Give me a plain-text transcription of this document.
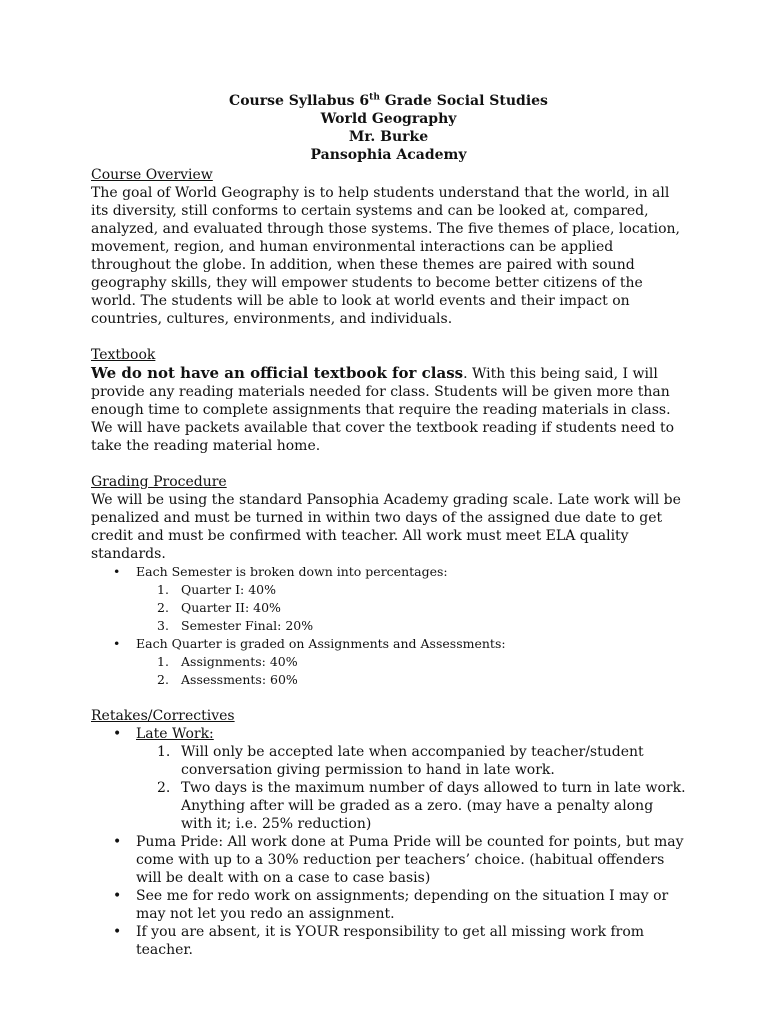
Course Syllabus 6th Grade Social Studies
World Geography
Mr. Burke
Pansophia Academy
Course Overview

The goal of World Geography is to help students understand that the world, in all its diversity, still conforms to certain systems and can be looked at, compared, analyzed, and evaluated through those systems. The five themes of place, location, movement, region, and human environmental interactions can be applied throughout the globe. In addition, when these themes are paired with sound geography skills, they will empower students to become better citizens of the world. The students will be able to look at world events and their impact on countries, cultures, environments, and individuals.

Textbook

We do not have an official textbook for class. With this being said, I will provide any reading materials needed for class. Students will be given more than enough time to complete assignments that require the reading materials in class. We will have packets available that cover the textbook reading if students need to take the reading material home.

Grading Procedure

We will be using the standard Pansophia Academy grading scale. Late work will be penalized and must be turned in within two days of the assigned due date to get credit and must be confirmed with teacher. All work must meet ELA quality standards.

• Each Semester is broken down into percentages:
1. Quarter I: 40%
2. Quarter II: 40%
3. Semester Final: 20%
• Each Quarter is graded on Assignments and Assessments:
1. Assignments: 40%
2. Assessments: 60%
Retakes/Correctives
• Late Work:
1. Will only be accepted late when accompanied by teacher/student conversation giving permission to hand in late work.
2. Two days is the maximum number of days allowed to turn in late work. Anything after will be graded as a zero. (may have a penalty along with it; i.e. 25% reduction)
• Puma Pride: All work done at Puma Pride will be counted for points, but may come with up to a 30% reduction per teachers’ choice. (habitual offenders will be dealt with on a case to case basis)
• See me for redo work on assignments; depending on the situation I may or may not let you redo an assignment.
• If you are absent, it is YOUR responsibility to get all missing work from teacher.
